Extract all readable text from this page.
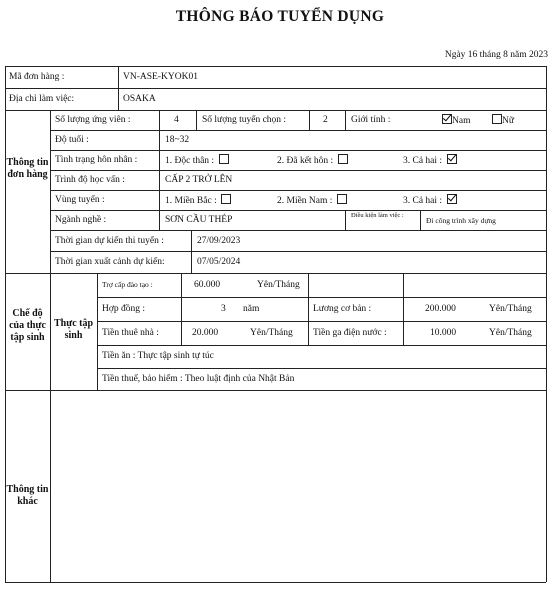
THÔNG BÁO TUYỂN DỤNG
Ngày 16 tháng 8 năm 2023
Mã đơn hàng :	VN-ASE-KYOK01
Địa chỉ làm việc:	OSAKA
Thông tin đơn hàng
Số lượng ứng viên :	4 Số lượng tuyển chọn :	2 Giới tính :	Nam	Nữ
Độ tuổi :	18~32
Tình trạng hôn nhân :	1. Độc thân :	2. Đã kết hôn :	3. Cả hai :
Trình độ học vấn :	CẤP 2 TRỞ LÊN
Vùng tuyển :	1. Miền Bắc :	2. Miền Nam :	3. Cả hai :
Ngành nghề :	SƠN CẦU THÉP	Điều kiện làm việc :
Đi công trình xây dựng
Thời gian dự kiến thi tuyển :	27/09/2023
Thời gian xuất cảnh dự kiến:	07/05/2024
Chế độ của thực tập sinh
Thực tập sinh
Trợ cấp đào tạo :	60.000	Yên/Tháng
Hợp đồng :	3 năm	Lương cơ bản :	200.000	Yên/Tháng
Tiền thuê nhà :	20.000	Yên/Tháng Tiền ga điện nước :	10.000	Yên/Tháng
Tiền ăn : Thực tập sinh tự túc
Tiền thuế, bảo hiểm : Theo luật định của Nhật Bản
Thông tin khác
